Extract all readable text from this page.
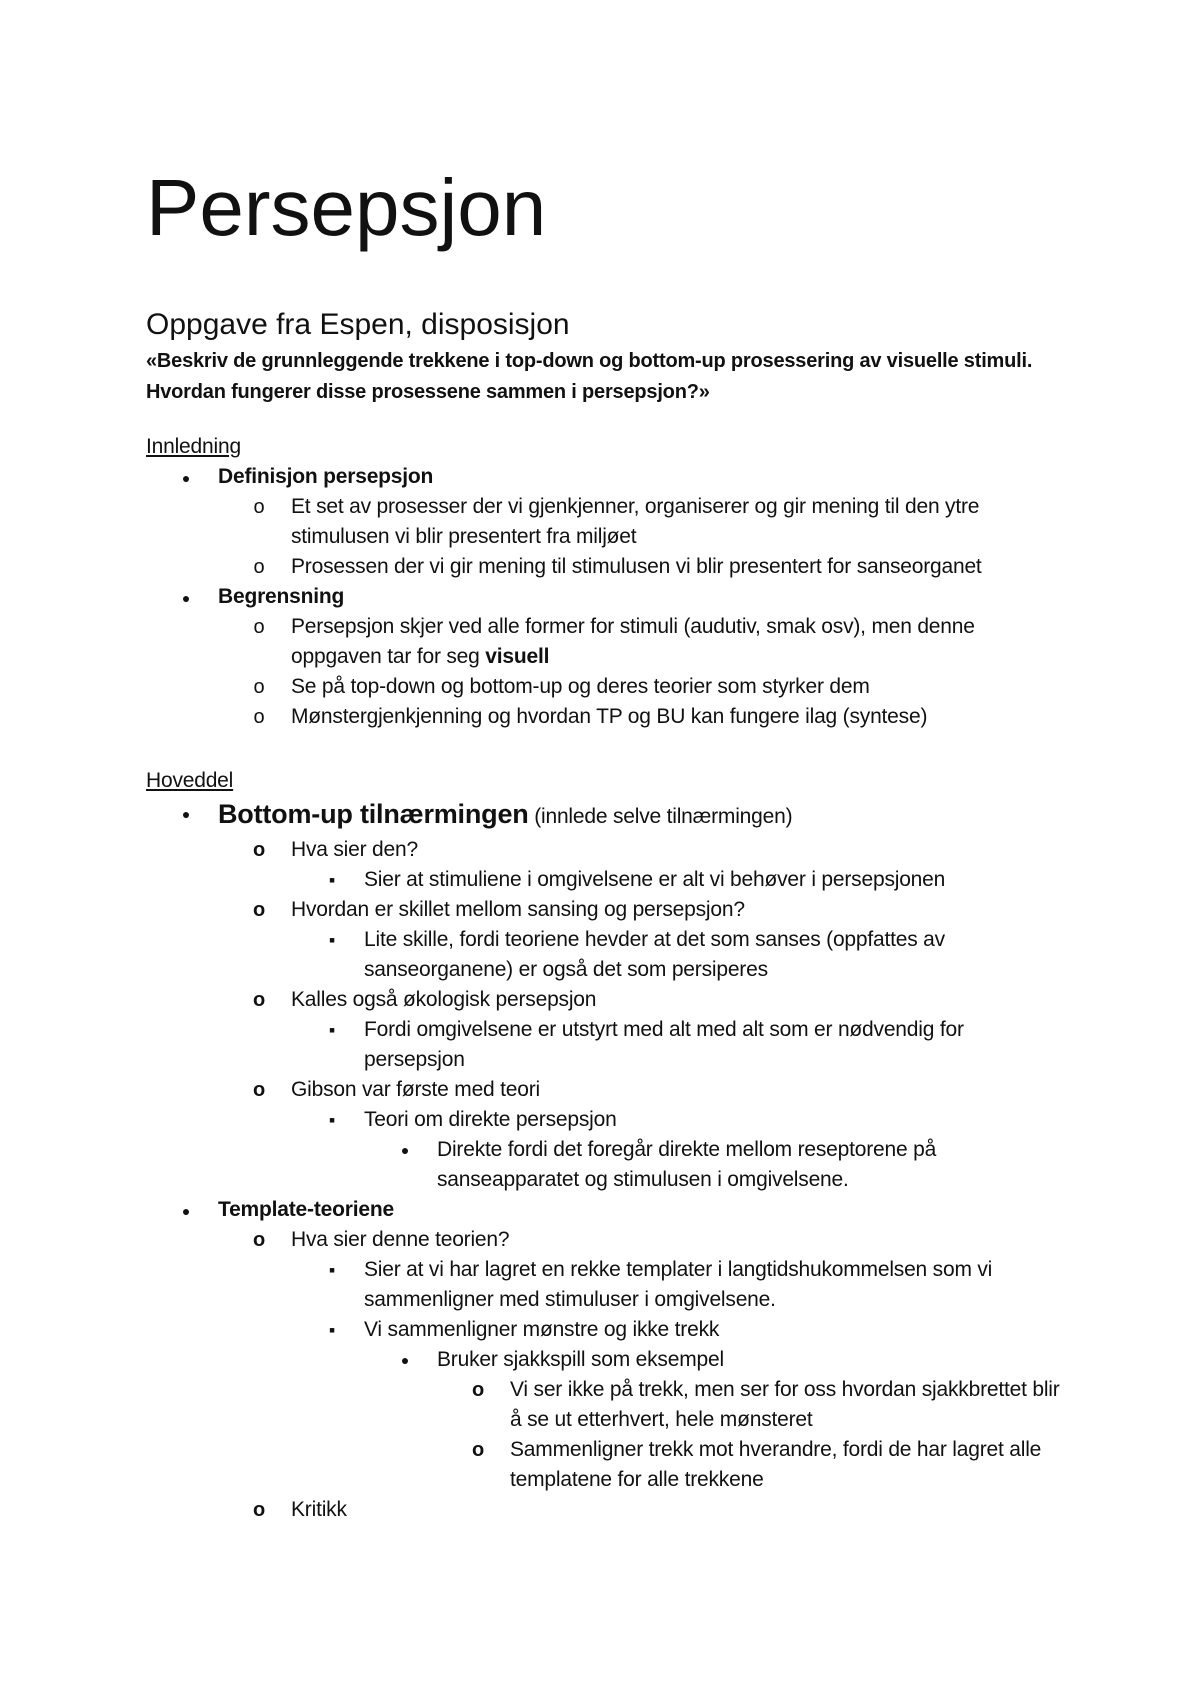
Persepsjon
Oppgave fra Espen, disposisjon

«Beskriv de grunnleggende trekkene i top-down og bottom-up prosessering av visuelle stimuli. Hvordan fungerer disse prosessene sammen i persepsjon?»

Innledning
●
Definisjon persepsjon
o
Et set av prosesser der vi gjenkjenner, organiserer og gir mening til den ytre stimulusen vi blir presentert fra miljøet
o
Prosessen der vi gir mening til stimulusen vi blir presentert for sanseorganet
●
Begrensning
o
Persepsjon skjer ved alle former for stimuli (audutiv, smak osv), men denne oppgaven tar for seg visuell
o
Se på top-down og bottom-up og deres teorier som styrker dem
o
Mønstergjenkjenning og hvordan TP og BU kan fungere ilag (syntese)
Hoveddel
●
Bottom-up tilnærmingen (innlede selve tilnærmingen)
o
Hva sier den?
▪
Sier at stimuliene i omgivelsene er alt vi behøver i persepsjonen
o
Hvordan er skillet mellom sansing og persepsjon?
▪
Lite skille, fordi teoriene hevder at det som sanses (oppfattes av sanseorganene) er også det som persiperes
o
Kalles også økologisk persepsjon
▪
Fordi omgivelsene er utstyrt med alt med alt som er nødvendig for persepsjon
o
Gibson var første med teori
▪
Teori om direkte persepsjon
●
Direkte fordi det foregår direkte mellom reseptorene på sanseapparatet og stimulusen i omgivelsene.
●
Template-teoriene
o
Hva sier denne teorien?
▪
Sier at vi har lagret en rekke templater i langtidshukommelsen som vi sammenligner med stimuluser i omgivelsene.
▪
Vi sammenligner mønstre og ikke trekk
●
Bruker sjakkspill som eksempel
o
Vi ser ikke på trekk, men ser for oss hvordan sjakkbrettet blir å se ut etterhvert, hele mønsteret
o
Sammenligner trekk mot hverandre, fordi de har lagret alle templatene for alle trekkene
o
Kritikk
